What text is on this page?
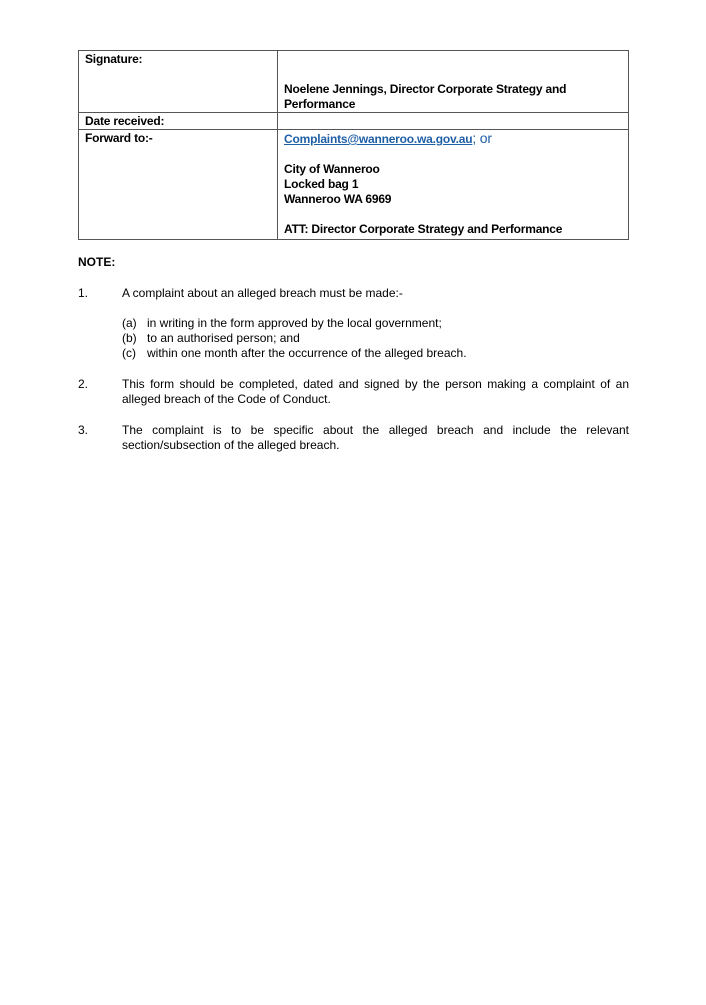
Signature:	Noelene Jennings, Director Corporate Strategy and Performance
Date received:	
Forward to:-	Complaints@wanneroo.wa.gov.au; or
City of Wanneroo
Locked bag 1
Wanneroo WA 6969
ATT: Director Corporate Strategy and Performance
NOTE:
1.	A complaint about an alleged breach must be made:-
(a) in writing in the form approved by the local government;
(b) to an authorised person; and
(c) within one month after the occurrence of the alleged breach.
2.	This form should be completed, dated and signed by the person making a complaint of an alleged breach of the Code of Conduct.
3.	The complaint is to be specific about the alleged breach and include the relevant section/subsection of the alleged breach.
